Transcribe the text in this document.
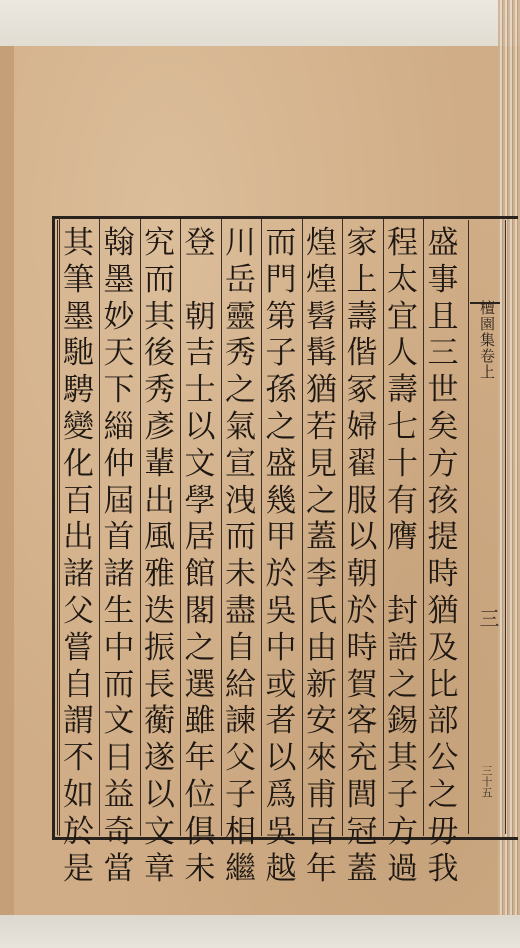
檀園集卷上
三
三十五
盛
事
且
三
世
矣
方
孩
提
時
猶
及
比
部
公
之
毋
我
程
太
宜
人
壽
七
十
有
膺

封
誥
之
錫
其
子
方
過
家
上
壽
偕
冢
婦
翟
服
以
朝
於
時
賀
客
充
閭
冠
蓋
煌
煌
髫
髯
猶
若
見
之
蓋
李
氏
由
新
安
來
甫
百
年
而
門
第
子
孫
之
盛
幾
甲
於
吳
中
或
者
以
爲
吳
越
川
岳
靈
秀
之
氣
宣
洩
而
未
盡
自
給
諫
父
子
相
繼
登

朝
吉
士
以
文
學
居
館
閣
之
選
雖
年
位
俱
未
究
而
其
後
秀
彥
輩
出
風
雅
迭
振
長
蘅
遂
以
文
章
翰
墨
妙
天
下
緇
仲
屆
首
諸
生
中
而
文
日
益
奇
當
其
筆
墨
馳
騁
變
化
百
出
諸
父
嘗
自
謂
不
如
於
是
